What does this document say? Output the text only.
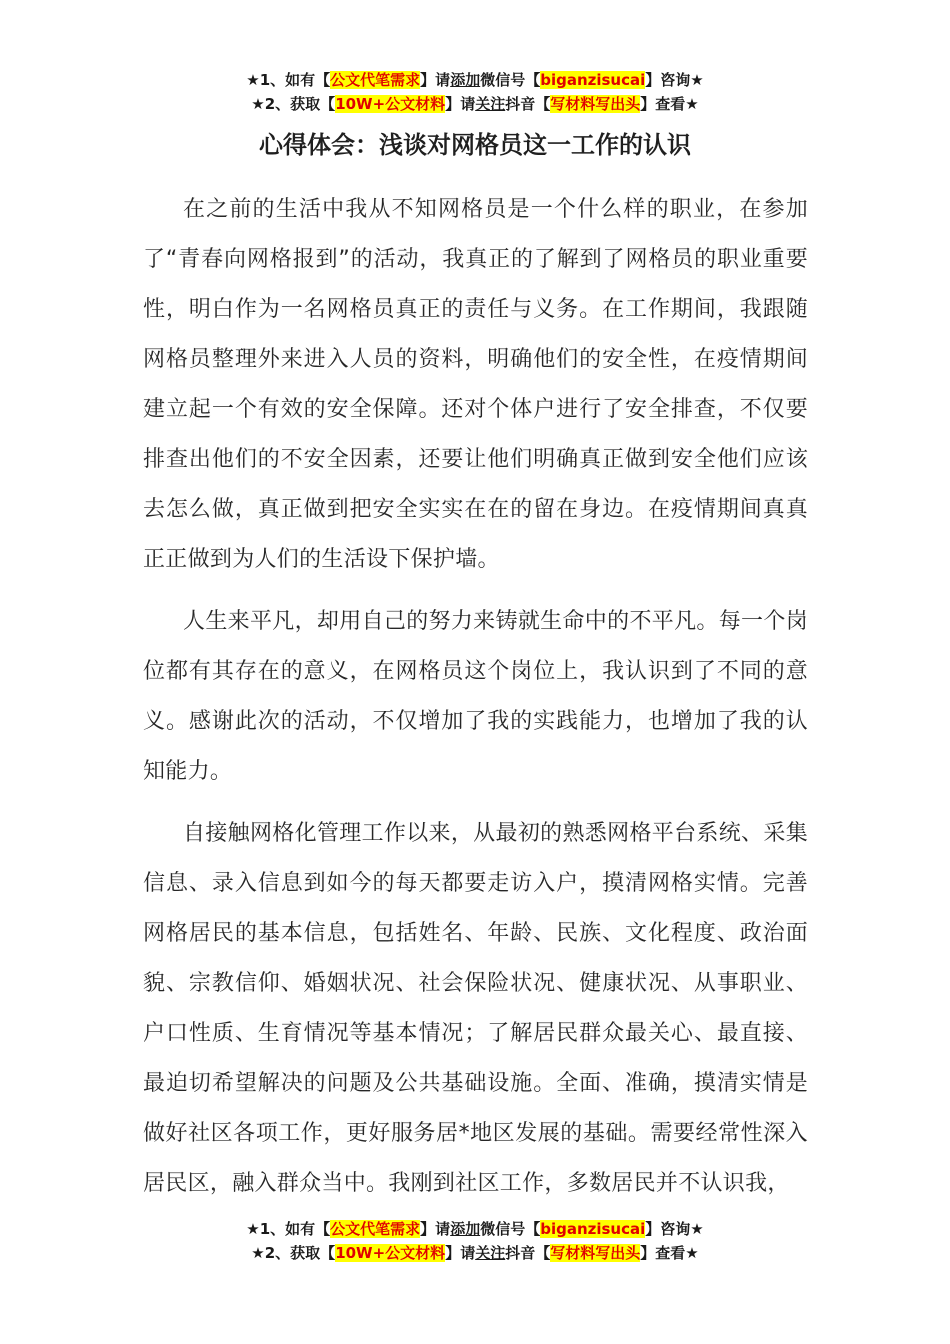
★1、如有【公文代笔需求】请添加微信号【biganzisucai】咨询★
★2、获取【10W+公文材料】请关注抖音【写材料写出头】查看★
心得体会：浅谈对网格员这一工作的认识

在之前的生活中我从不知网格员是一个什么样的职业，在参加了“青春向网格报到”的活动，我真正的了解到了网格员的职业重要性，明白作为一名网格员真正的责任与义务。在工作期间，我跟随网格员整理外来进入人员的资料，明确他们的安全性，在疫情期间建立起一个有效的安全保障。还对个体户进行了安全排查，不仅要排查出他们的不安全因素，还要让他们明确真正做到安全他们应该去怎么做，真正做到把安全实实在在的留在身边。在疫情期间真真正正做到为人们的生活设下保护墙。

人生来平凡，却用自己的努力来铸就生命中的不平凡。每一个岗位都有其存在的意义，在网格员这个岗位上，我认识到了不同的意义。感谢此次的活动，不仅增加了我的实践能力，也增加了我的认知能力。

自接触网格化管理工作以来，从最初的熟悉网格平台系统、采集信息、录入信息到如今的每天都要走访入户，摸清网格实情。完善网格居民的基本信息，包括姓名、年龄、民族、文化程度、政治面貌、宗教信仰、婚姻状况、社会保险状况、健康状况、从事职业、户口性质、生育情况等基本情况；了解居民群众最关心、最直接、最迫切希望解决的问题及公共基础设施。全面、准确，摸清实情是做好社区各项工作，更好服务居*地区发展的基础。需要经常性深入居民区，融入群众当中。我刚到社区工作，多数居民并不认识我，

★1、如有【公文代笔需求】请添加微信号【biganzisucai】咨询★
★2、获取【10W+公文材料】请关注抖音【写材料写出头】查看★
